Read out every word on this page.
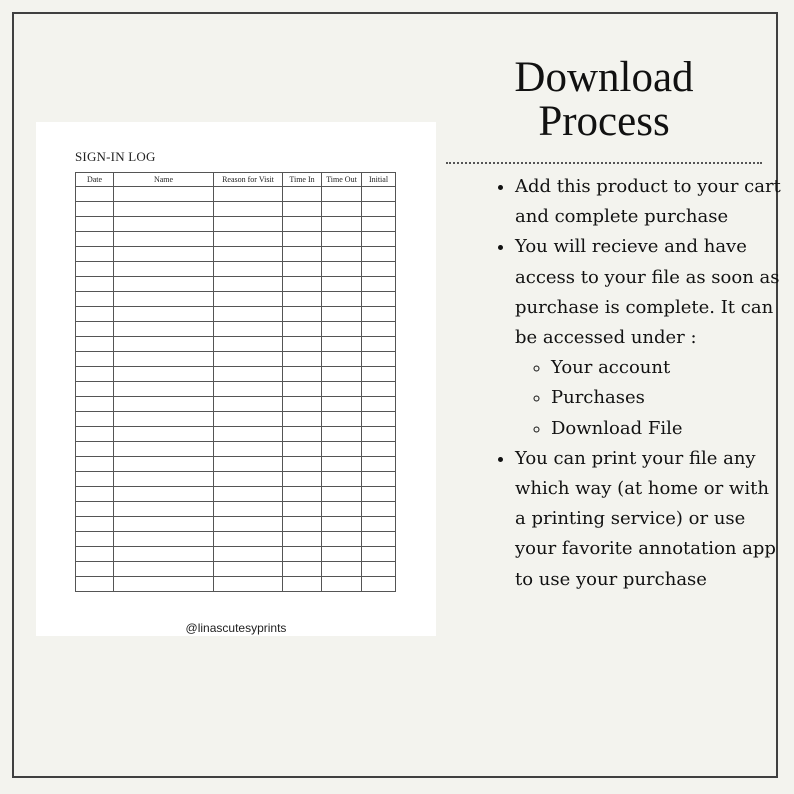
SIGN-IN LOG
Date	Name	Reason for Visit	Time In	Time Out	Initial

@linascutesyprints
Download
Process
• Add this product to your cart and complete purchase
• You will recieve and have access to your file as soon as purchase is complete. It can be accessed under :
◦ Your account
◦ Purchases
◦ Download File
• You can print your file any which way (at home or with a printing service) or use your favorite annotation app to use your purchase
